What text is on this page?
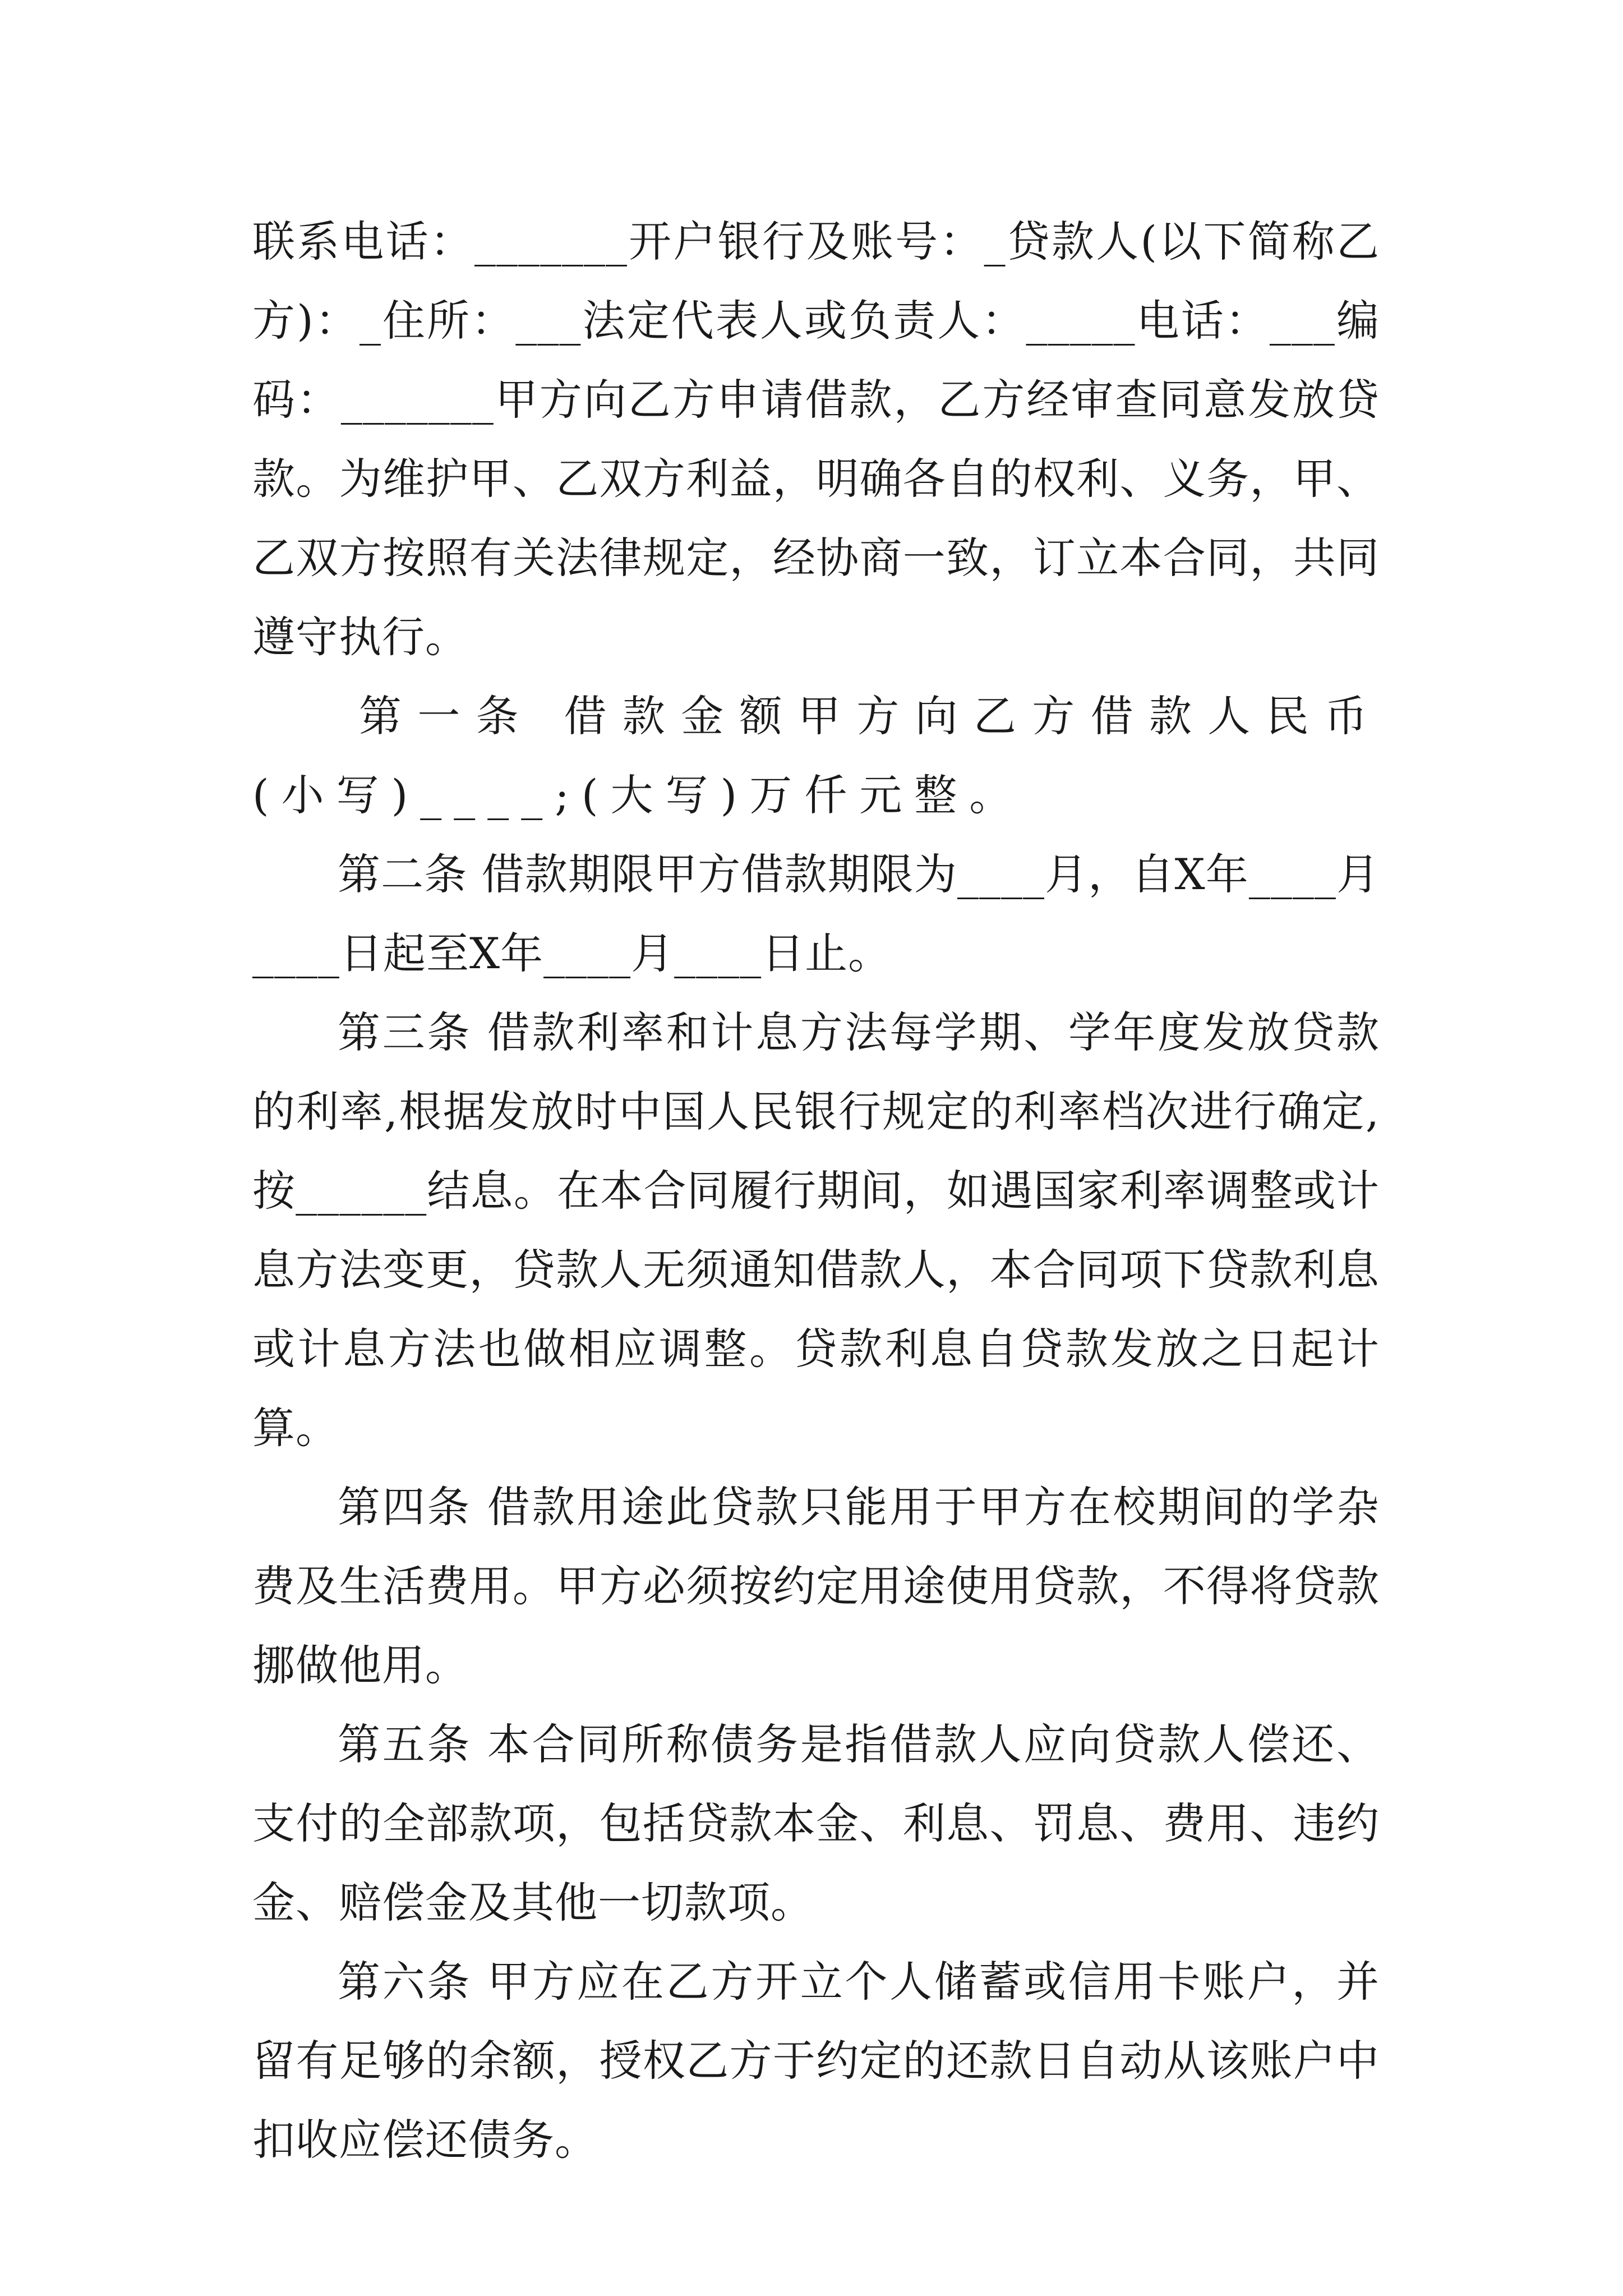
联系电话：_______开户银行及账号：_贷款人(以下简称乙方)：_住所：___法定代表人或负责人：_____电话：___编码：_______甲方向乙方申请借款，乙方经审查同意发放贷款。为维护甲、乙双方利益，明确各自的权利、义务，甲、乙双方按照有关法律规定，经协商一致，订立本合同，共同遵守执行。

第一条 借款金额甲方向乙方借款人民币(小写)____;(大写)万仟元整。

第二条 借款期限甲方借款期限为____月，自X年____月____日起至X年____月____日止。

第三条 借款利率和计息方法每学期、学年度发放贷款的利率,根据发放时中国人民银行规定的利率档次进行确定,按______结息。在本合同履行期间，如遇国家利率调整或计息方法变更，贷款人无须通知借款人，本合同项下贷款利息或计息方法也做相应调整。贷款利息自贷款发放之日起计算。

第四条 借款用途此贷款只能用于甲方在校期间的学杂费及生活费用。甲方必须按约定用途使用贷款，不得将贷款挪做他用。

第五条 本合同所称债务是指借款人应向贷款人偿还、支付的全部款项，包括贷款本金、利息、罚息、费用、违约金、赔偿金及其他一切款项。

第六条 甲方应在乙方开立个人储蓄或信用卡账户，并留有足够的余额，授权乙方于约定的还款日自动从该账户中扣收应偿还债务。
